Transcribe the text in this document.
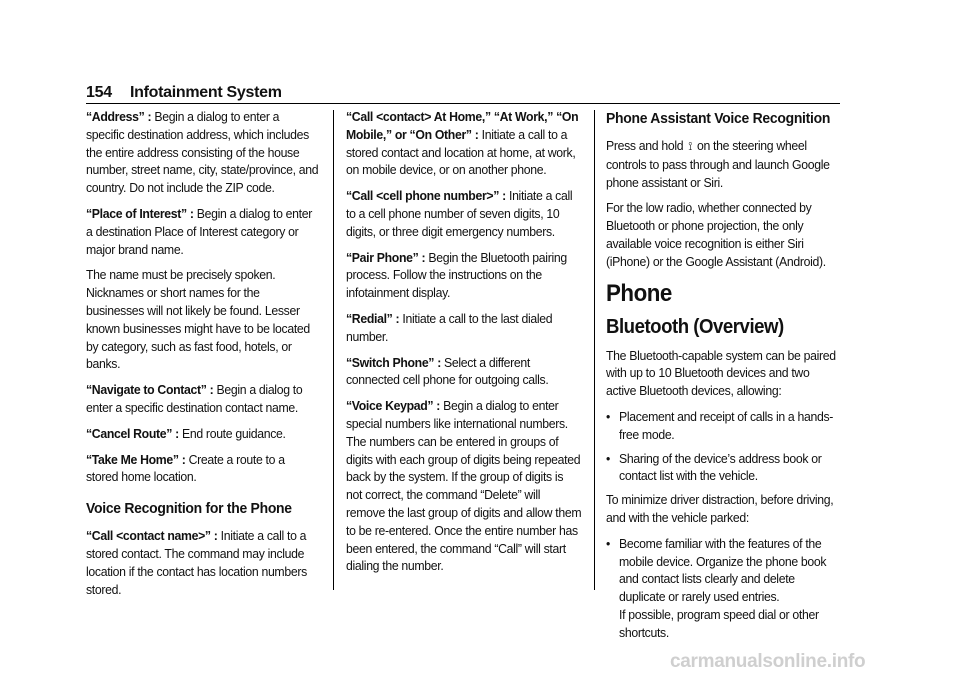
154 Infotainment System

“Address” : Begin a dialog to enter a specific destination address, which includes the entire address consisting of the house number, street name, city, state/province, and country. Do not include the ZIP code.

“Place of Interest” : Begin a dialog to enter a destination Place of Interest category or major brand name.

The name must be precisely spoken. Nicknames or short names for the businesses will not likely be found. Lesser known businesses might have to be located by category, such as fast food, hotels, or banks.

“Navigate to Contact” : Begin a dialog to enter a specific destination contact name.

“Cancel Route” : End route guidance.

“Take Me Home” : Create a route to a stored home location.

Voice Recognition for the Phone

“Call <contact name>” : Initiate a call to a stored contact. The command may include location if the contact has location numbers stored.

“Call <contact> At Home,” “At Work,” “On Mobile,” or “On Other” : Initiate a call to a stored contact and location at home, at work, on mobile device, or on another phone.

“Call <cell phone number>” : Initiate a call to a cell phone number of seven digits, 10 digits, or three digit emergency numbers.

“Pair Phone” : Begin the Bluetooth pairing process. Follow the instructions on the infotainment display.

“Redial” : Initiate a call to the last dialed number.

“Switch Phone” : Select a different connected cell phone for outgoing calls.

“Voice Keypad” : Begin a dialog to enter special numbers like international numbers. The numbers can be entered in groups of digits with each group of digits being repeated back by the system. If the group of digits is not correct, the command “Delete” will remove the last group of digits and allow them to be re-entered. Once the entire number has been entered, the command “Call” will start dialing the number.

Phone Assistant Voice Recognition

Press and hold ⟟ on the steering wheel controls to pass through and launch Google phone assistant or Siri.

For the low radio, whether connected by Bluetooth or phone projection, the only available voice recognition is either Siri (iPhone) or the Google Assistant (Android).

Phone
Bluetooth (Overview)

The Bluetooth-capable system can be paired with up to 10 Bluetooth devices and two active Bluetooth devices, allowing:

• Placement and receipt of calls in a hands-free mode.
• Sharing of the device’s address book or contact list with the vehicle.

To minimize driver distraction, before driving, and with the vehicle parked:

• Become familiar with the features of the mobile device. Organize the phone book and contact lists clearly and delete duplicate or rarely used entries.
If possible, program speed dial or other shortcuts.
carmanualsonline.info
